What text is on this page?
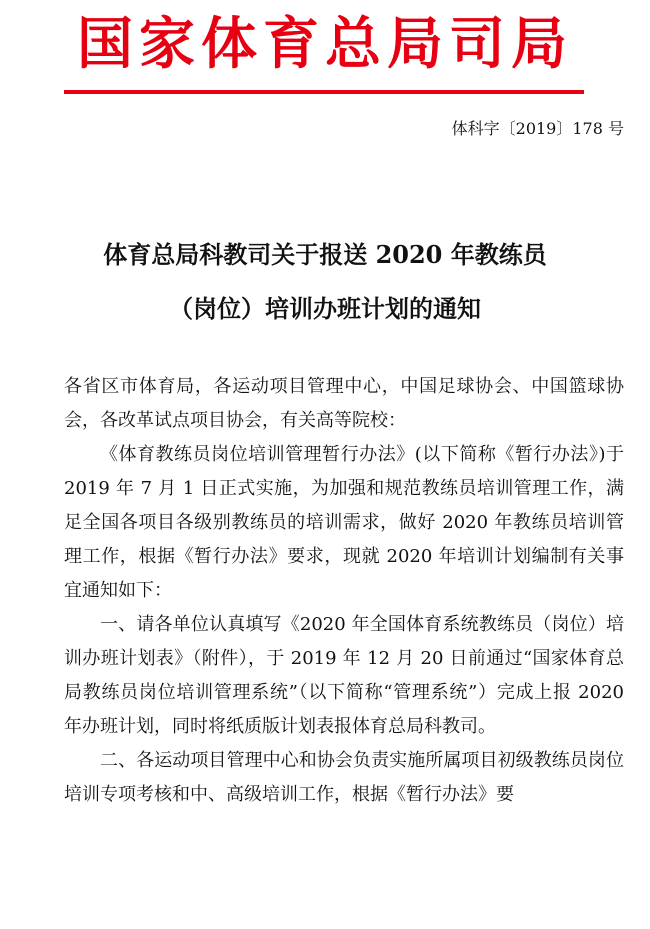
国家体育总局司局
体科字〔2019〕178 号
体育总局科教司关于报送 2020 年教练员
（岗位）培训办班计划的通知

各省区市体育局，各运动项目管理中心，中国足球协会、中国篮球协会，各改革试点项目协会，有关高等院校：

《体育教练员岗位培训管理暂行办法》(以下简称《暂行办法》)于 2019 年 7 月 1 日正式实施，为加强和规范教练员培训管理工作，满足全国各项目各级别教练员的培训需求，做好 2020 年教练员培训管理工作，根据《暂行办法》要求，现就 2020 年培训计划编制有关事宜通知如下：

一、请各单位认真填写《2020 年全国体育系统教练员（岗位）培训办班计划表》（附件），于 2019 年 12 月 20 日前通过“国家体育总局教练员岗位培训管理系统”（以下简称“管理系统”）完成上报 2020 年办班计划，同时将纸质版计划表报体育总局科教司。

二、各运动项目管理中心和协会负责实施所属项目初级教练员岗位培训专项考核和中、高级培训工作，根据《暂行办法》要
